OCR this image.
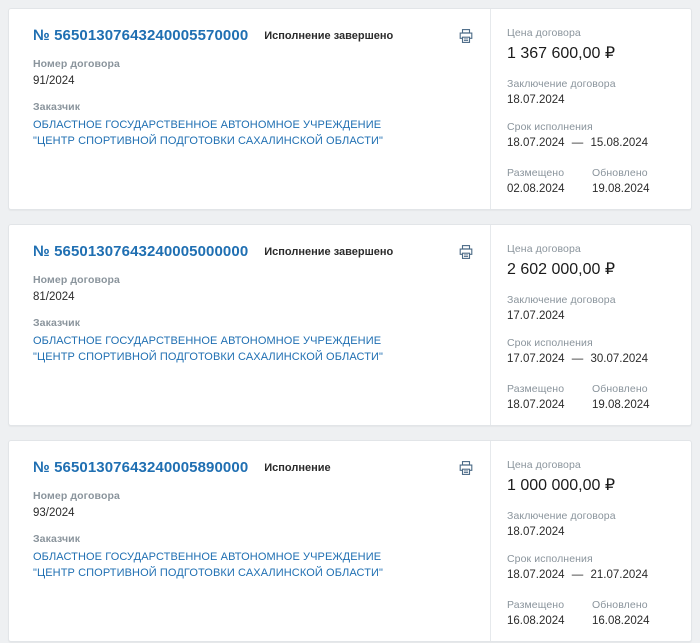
№ 56501307643240005570000 Исполнение завершено
Номер договора
91/2024
Заказчик
ОБЛАСТНОЕ ГОСУДАРСТВЕННОЕ АВТОНОМНОЕ УЧРЕЖДЕНИЕ "ЦЕНТР СПОРТИВНОЙ ПОДГОТОВКИ САХАЛИНСКОЙ ОБЛАСТИ"
Цена договора
1 367 600,00 ₽
Заключение договора
18.07.2024
Срок исполнения
18.07.2024 — 15.08.2024
Размещено
02.08.2024
Обновлено
19.08.2024
№ 56501307643240005000000 Исполнение завершено
Номер договора
81/2024
Заказчик
ОБЛАСТНОЕ ГОСУДАРСТВЕННОЕ АВТОНОМНОЕ УЧРЕЖДЕНИЕ "ЦЕНТР СПОРТИВНОЙ ПОДГОТОВКИ САХАЛИНСКОЙ ОБЛАСТИ"
Цена договора
2 602 000,00 ₽
Заключение договора
17.07.2024
Срок исполнения
17.07.2024 — 30.07.2024
Размещено
18.07.2024
Обновлено
19.08.2024
№ 56501307643240005890000 Исполнение
Номер договора
93/2024
Заказчик
ОБЛАСТНОЕ ГОСУДАРСТВЕННОЕ АВТОНОМНОЕ УЧРЕЖДЕНИЕ "ЦЕНТР СПОРТИВНОЙ ПОДГОТОВКИ САХАЛИНСКОЙ ОБЛАСТИ"
Цена договора
1 000 000,00 ₽
Заключение договора
18.07.2024
Срок исполнения
18.07.2024 — 21.07.2024
Размещено
16.08.2024
Обновлено
16.08.2024
